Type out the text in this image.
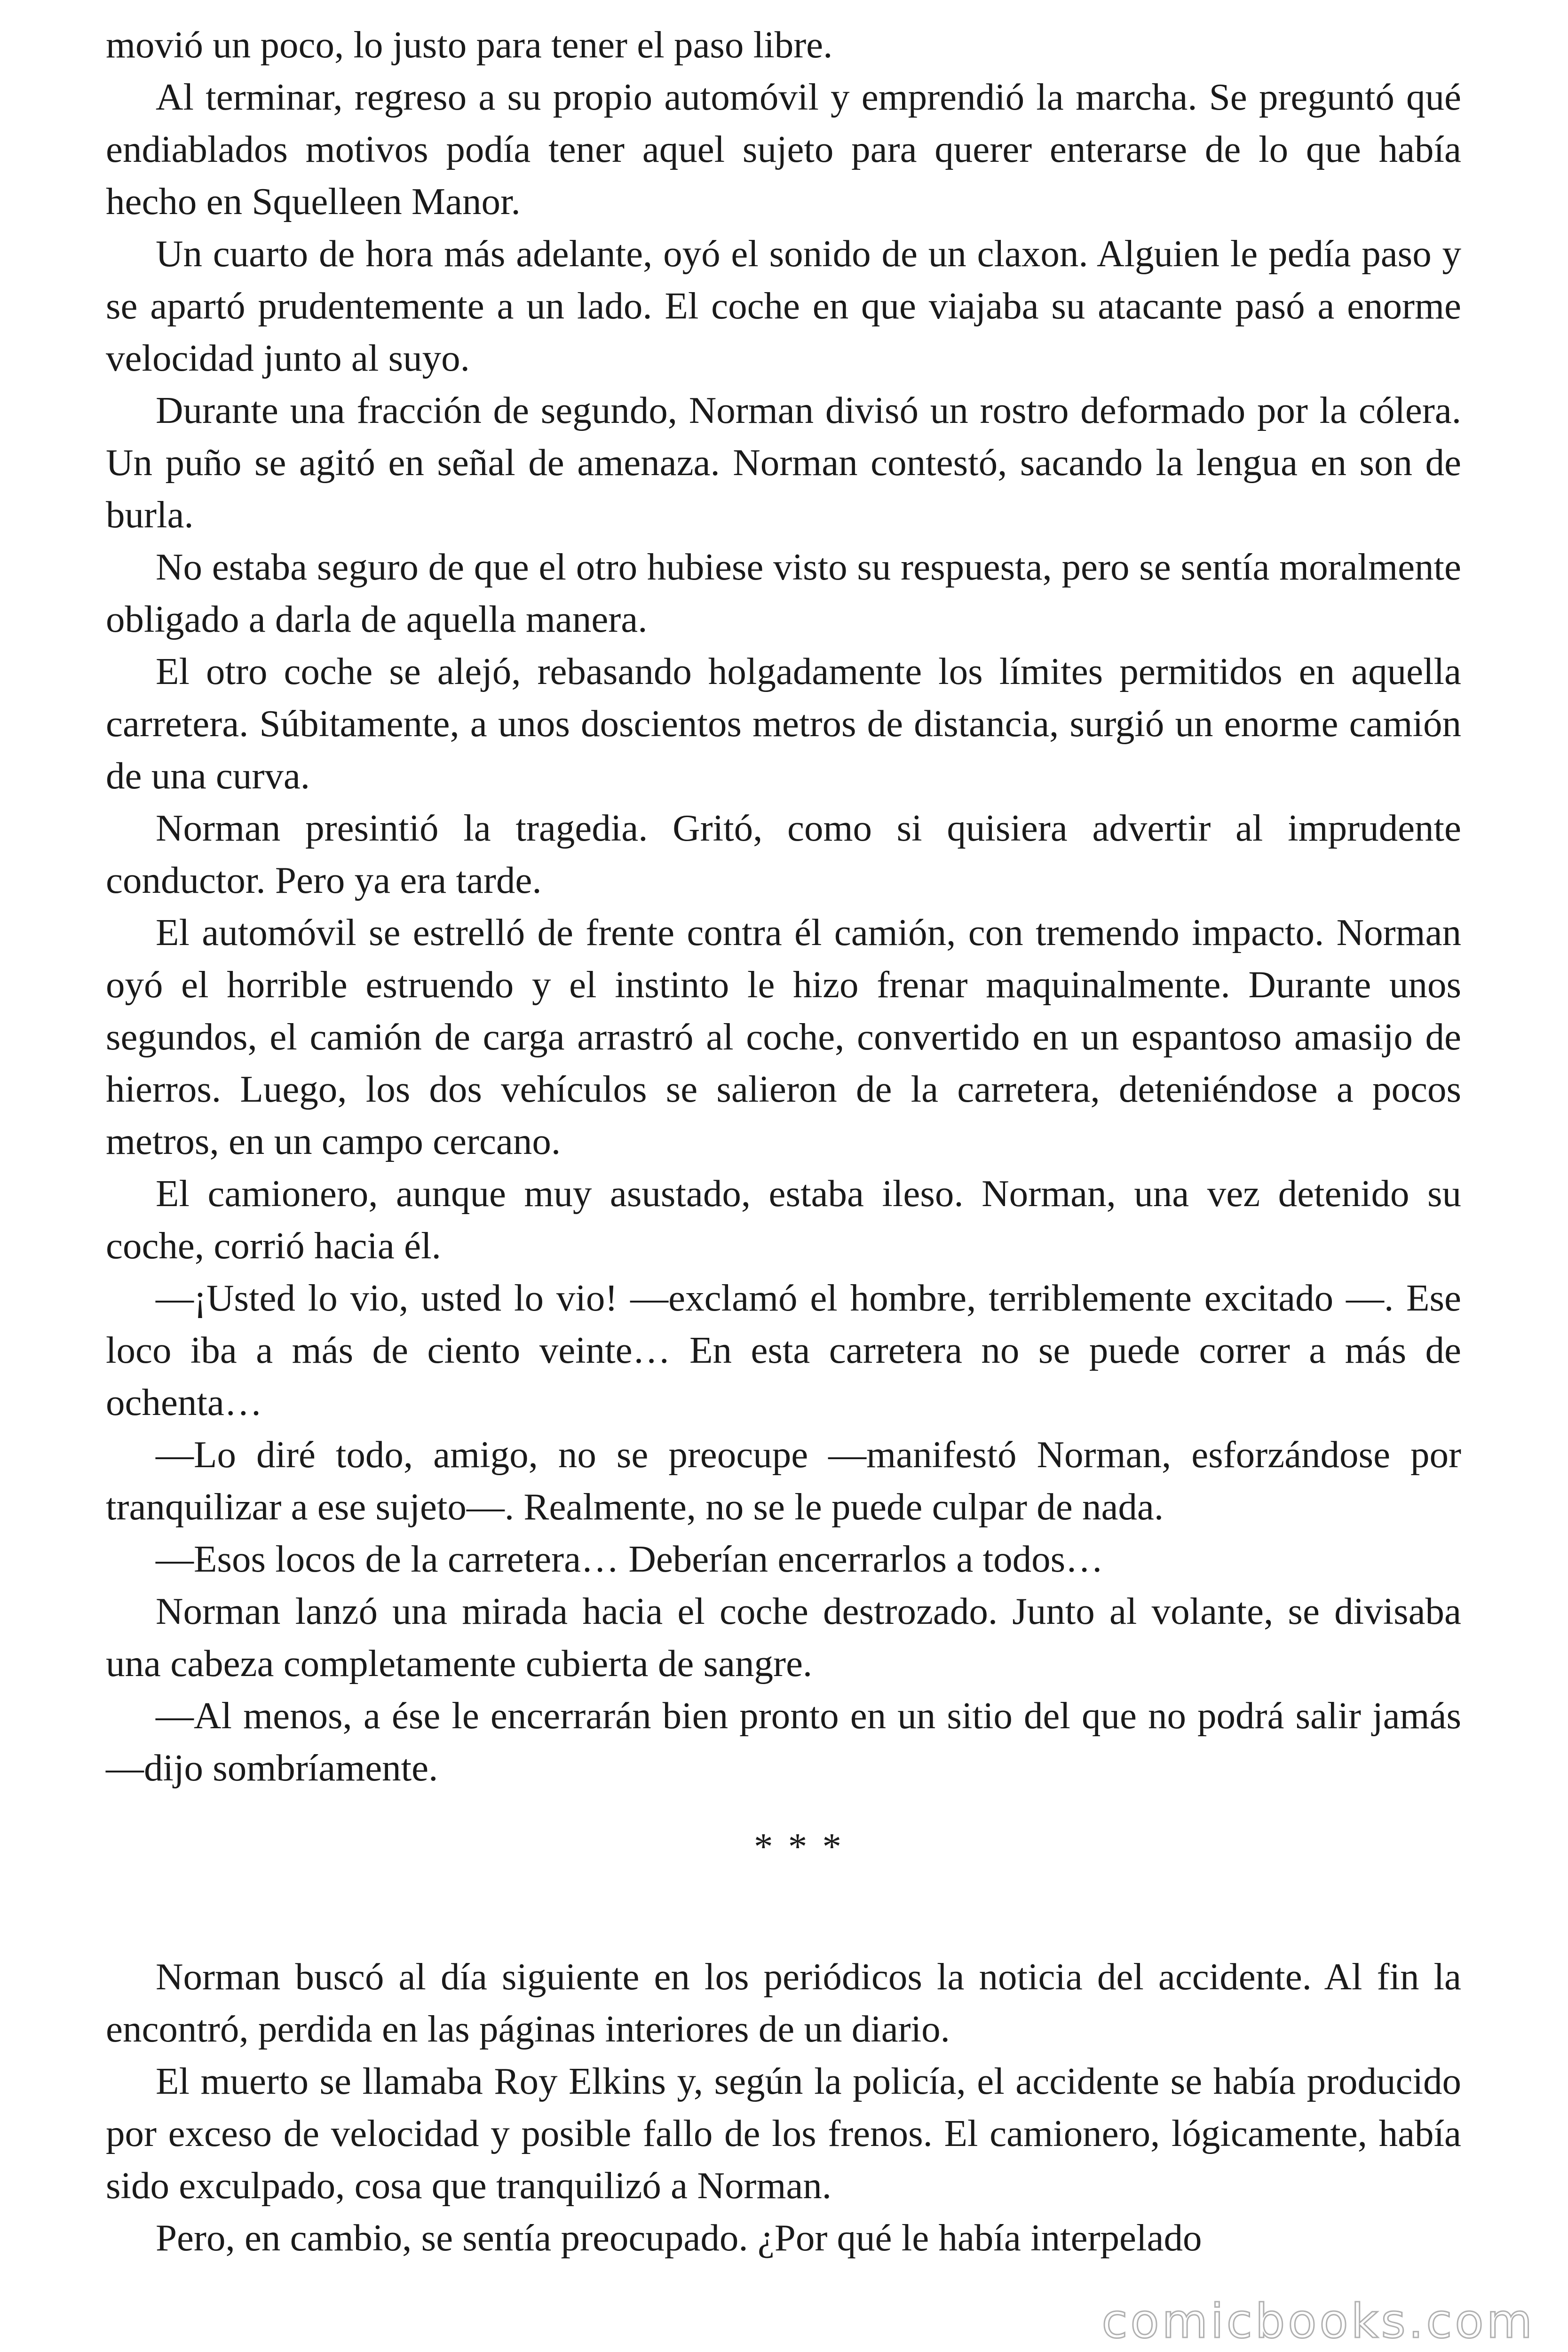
movió un poco, lo justo para tener el paso libre.

Al terminar, regreso a su propio automóvil y emprendió la marcha. Se preguntó qué endiablados motivos podía tener aquel sujeto para querer enterarse de lo que había hecho en Squelleen Manor.

Un cuarto de hora más adelante, oyó el sonido de un claxon. Alguien le pedía paso y se apartó prudentemente a un lado. El coche en que viajaba su atacante pasó a enorme velocidad junto al suyo.

Durante una fracción de segundo, Norman divisó un rostro deformado por la cólera. Un puño se agitó en señal de amenaza. Norman contestó, sacando la lengua en son de burla.

No estaba seguro de que el otro hubiese visto su respuesta, pero se sentía moralmente obligado a darla de aquella manera.

El otro coche se alejó, rebasando holgadamente los límites permitidos en aquella carretera. Súbitamente, a unos doscientos metros de distancia, surgió un enorme camión de una curva.

Norman presintió la tragedia. Gritó, como si quisiera advertir al imprudente conductor. Pero ya era tarde.

El automóvil se estrelló de frente contra él camión, con tremendo impacto. Norman oyó el horrible estruendo y el instinto le hizo frenar maquinalmente. Durante unos segundos, el camión de carga arrastró al coche, convertido en un espantoso amasijo de hierros. Luego, los dos vehículos se salieron de la carretera, deteniéndose a pocos metros, en un campo cercano.

El camionero, aunque muy asustado, estaba ileso. Norman, una vez detenido su coche, corrió hacia él.

—¡Usted lo vio, usted lo vio! —exclamó el hombre, terriblemente excitado —. Ese loco iba a más de ciento veinte… En esta carretera no se puede correr a más de ochenta…

—Lo diré todo, amigo, no se preocupe —manifestó Norman, esforzándose por tranquilizar a ese sujeto—. Realmente, no se le puede culpar de nada.

—Esos locos de la carretera… Deberían encerrarlos a todos…

Norman lanzó una mirada hacia el coche destrozado. Junto al volante, se divisaba una cabeza completamente cubierta de sangre.

—Al menos, a ése le encerrarán bien pronto en un sitio del que no podrá salir jamás —dijo sombríamente.

* * *

Norman buscó al día siguiente en los periódicos la noticia del accidente. Al fin la encontró, perdida en las páginas interiores de un diario.

El muerto se llamaba Roy Elkins y, según la policía, el accidente se había producido por exceso de velocidad y posible fallo de los frenos. El camionero, lógicamente, había sido exculpado, cosa que tranquilizó a Norman.

Pero, en cambio, se sentía preocupado. ¿Por qué le había interpelado

comicbooks.com
